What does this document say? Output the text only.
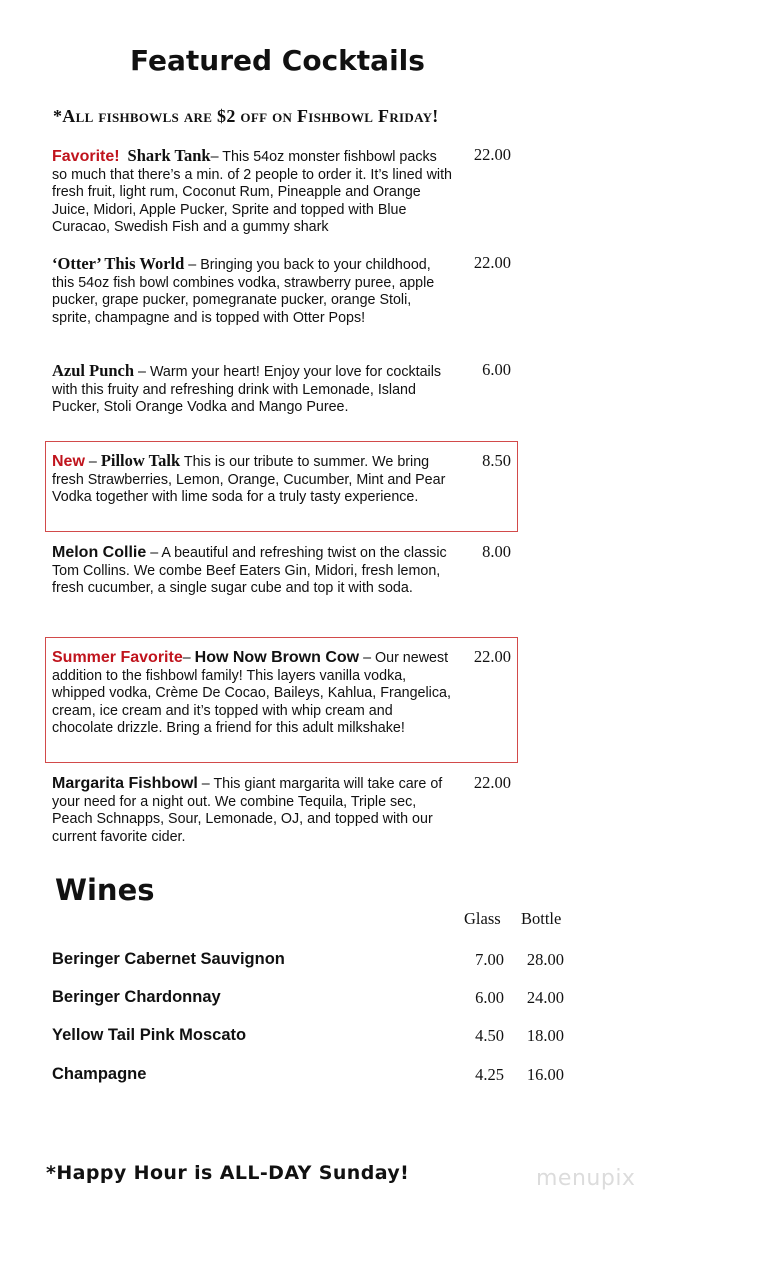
Featured Cocktails
*All fishbowls are $2 off on Fishbowl Friday!
Favorite! Shark Tank– This 54oz monster fishbowl packs so much that there’s a min. of 2 people to order it. It’s lined with fresh fruit, light rum, Coconut Rum, Pineapple and Orange Juice, Midori, Apple Pucker, Sprite and topped with Blue Curacao, Swedish Fish and a gummy shark
22.00
‘Otter’ This World – Bringing you back to your childhood, this 54oz fish bowl combines vodka, strawberry puree, apple pucker, grape pucker, pomegranate pucker, orange Stoli, sprite, champagne and is topped with Otter Pops!
22.00
Azul Punch – Warm your heart! Enjoy your love for cocktails with this fruity and refreshing drink with Lemonade, Island Pucker, Stoli Orange Vodka and Mango Puree.
6.00
New – Pillow Talk This is our tribute to summer. We bring fresh Strawberries, Lemon, Orange, Cucumber, Mint and Pear Vodka together with lime soda for a truly tasty experience.
8.50
Melon Collie – A beautiful and refreshing twist on the classic Tom Collins. We combe Beef Eaters Gin, Midori, fresh lemon, fresh cucumber, a single sugar cube and top it with soda.
8.00
Summer Favorite– How Now Brown Cow – Our newest addition to the fishbowl family! This layers vanilla vodka, whipped vodka, Crème De Cocao, Baileys, Kahlua, Frangelica, cream, ice cream and it’s topped with whip cream and chocolate drizzle. Bring a friend for this adult milkshake!
22.00
Margarita Fishbowl – This giant margarita will take care of your need for a night out. We combine Tequila, Triple sec, Peach Schnapps, Sour, Lemonade, OJ, and topped with our current favorite cider.
22.00
Wines
Glass Bottle
Beringer Cabernet Sauvignon	7.00	28.00
Beringer Chardonnay	6.00	24.00
Yellow Tail Pink Moscato	4.50	18.00
Champagne	4.25	16.00
*Happy Hour is ALL-DAY Sunday!	menupix
